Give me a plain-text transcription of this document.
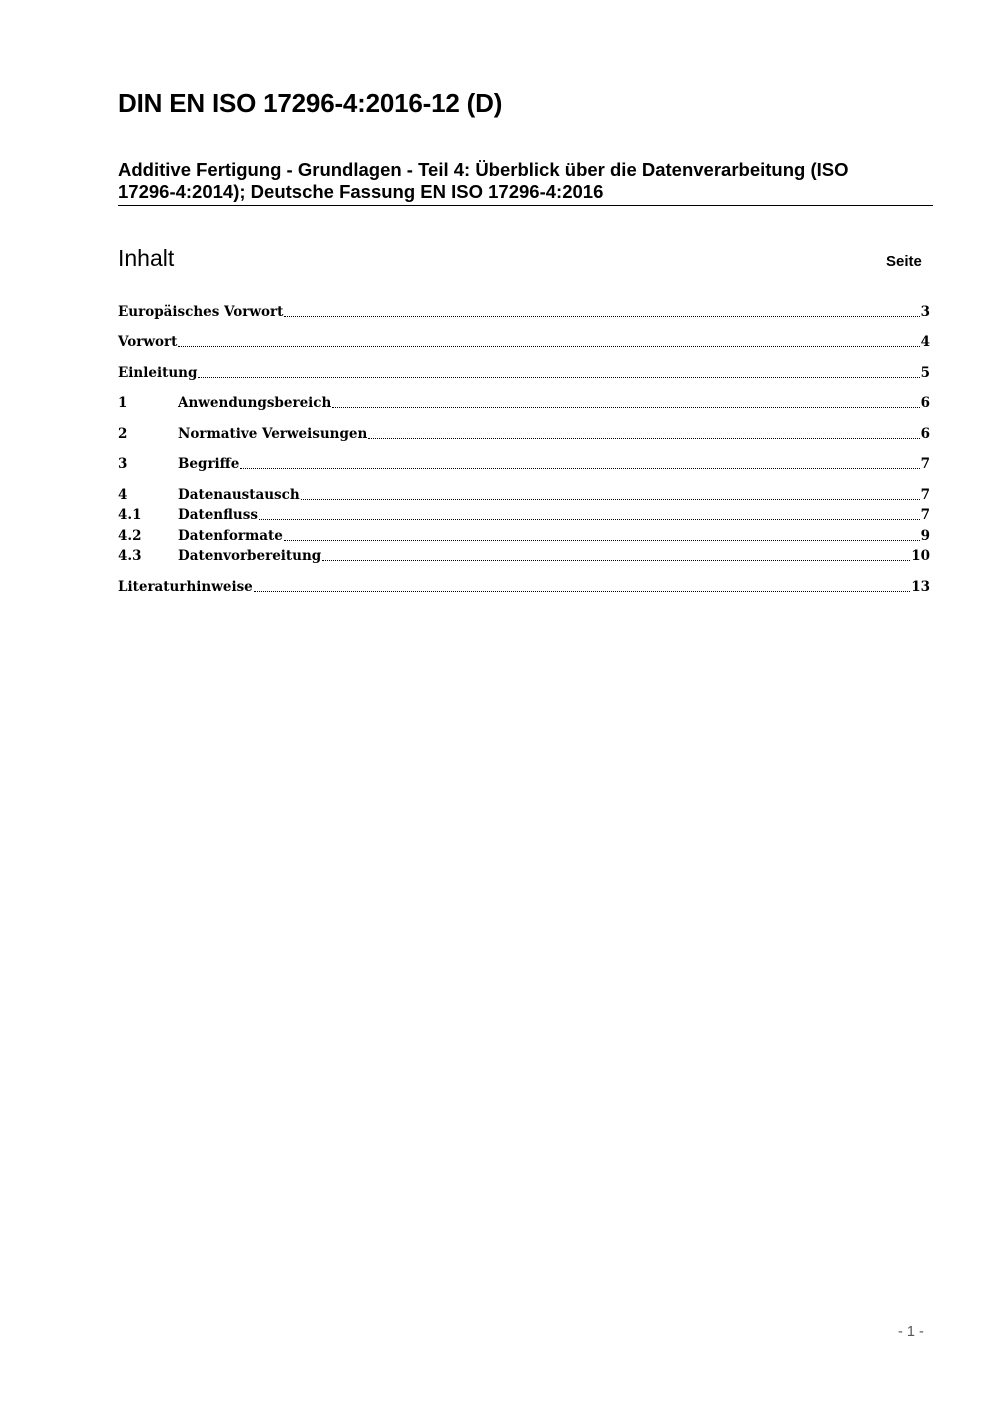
DIN EN ISO 17296-4:2016-12 (D)
Additive Fertigung - Grundlagen - Teil 4: Überblick über die Datenverarbeitung (ISO
17296-4:2014); Deutsche Fassung EN ISO 17296-4:2016
Inhalt	Seite
Europäisches Vorwort	3
Vorwort	4
Einleitung	5
1	Anwendungsbereich	6
2	Normative Verweisungen	6
3	Begriffe	7
4	Datenaustausch	7
4.1	Datenfluss	7
4.2	Datenformate	9
4.3	Datenvorbereitung	10
Literaturhinweise	13
- 1 -
